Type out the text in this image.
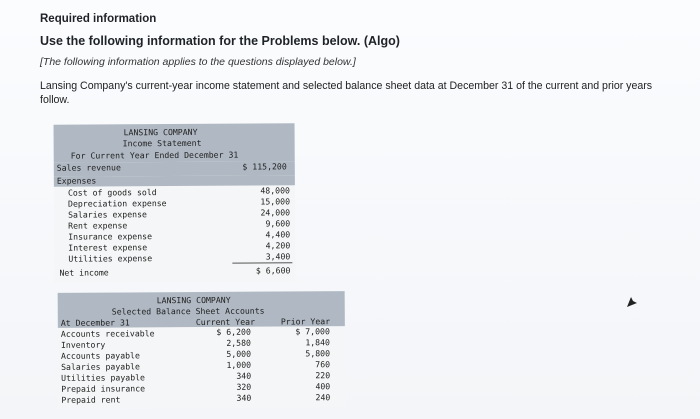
Required information
Use the following information for the Problems below. (Algo)
[The following information applies to the questions displayed below.]
Lansing Company's current-year income statement and selected balance sheet data at December 31 of the current and prior years follow.
LANSING COMPANY
Income Statement
For Current Year Ended December 31
Sales revenue	$ 115,200
Expenses
Cost of goods sold	48,000
Depreciation expense	15,000
Salaries expense	24,000
Rent expense	9,600
Insurance expense	4,400
Interest expense	4,200
Utilities expense	3,400
Net income	$ 6,600
LANSING COMPANY
Selected Balance Sheet Accounts
At December 31	Current Year	Prior Year
Accounts receivable	$ 6,200	$ 7,000
Inventory	2,580	1,840
Accounts payable	5,000	5,800
Salaries payable	1,000	760
Utilities payable	340	220
Prepaid insurance	320	400
Prepaid rent	340	240
